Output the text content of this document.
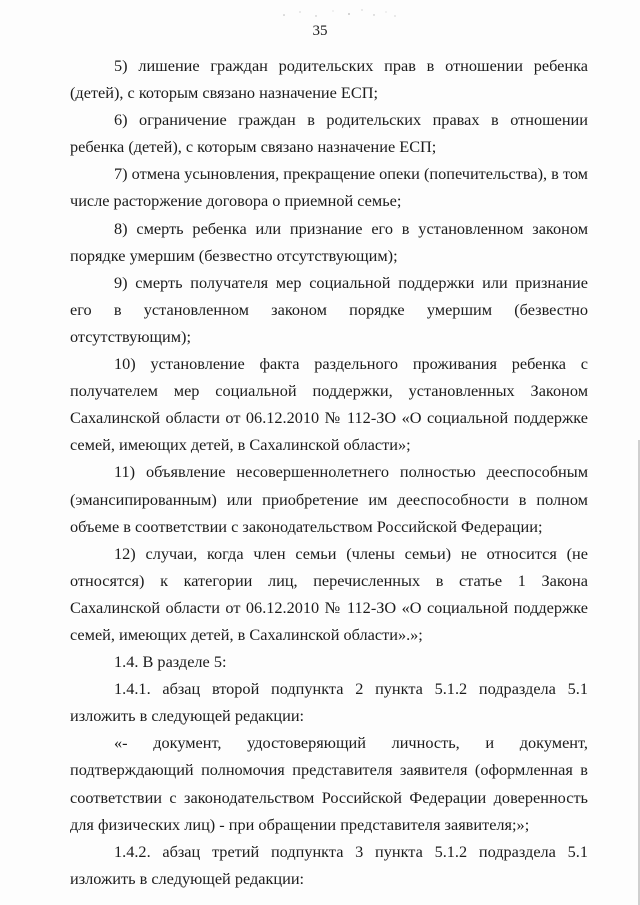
35

5) лишение граждан родительских прав в отношении ребенка (детей), с которым связано назначение ЕСП;

6) ограничение граждан в родительских правах в отношении ребенка (детей), с которым связано назначение ЕСП;

7) отмена усыновления, прекращение опеки (попечительства), в том числе расторжение договора о приемной семье;

8) смерть ребенка или признание его в установленном законом порядке умершим (безвестно отсутствующим);

9) смерть получателя мер социальной поддержки или признание его в установленном законом порядке умершим (безвестно отсутствующим);

10) установление факта раздельного проживания ребенка с получателем мер социальной поддержки, установленных Законом Сахалинской области от 06.12.2010 № 112-ЗО «О социальной поддержке семей, имеющих детей, в Сахалинской области»;

11) объявление несовершеннолетнего полностью дееспособным (эмансипированным) или приобретение им дееспособности в полном объеме в соответствии с законодательством Российской Федерации;

12) случаи, когда член семьи (члены семьи) не относится (не относятся) к категории лиц, перечисленных в статье 1 Закона Сахалинской области от 06.12.2010 № 112-ЗО «О социальной поддержке семей, имеющих детей, в Сахалинской области».»;

1.4. В разделе 5:

1.4.1. абзац второй подпункта 2 пункта 5.1.2 подраздела 5.1 изложить в следующей редакции:

«- документ, удостоверяющий личность, и документ, подтверждающий полномочия представителя заявителя (оформленная в соответствии с законодательством Российской Федерации доверенность для физических лиц) - при обращении представителя заявителя;»;

1.4.2. абзац третий подпункта 3 пункта 5.1.2 подраздела 5.1 изложить в следующей редакции:
